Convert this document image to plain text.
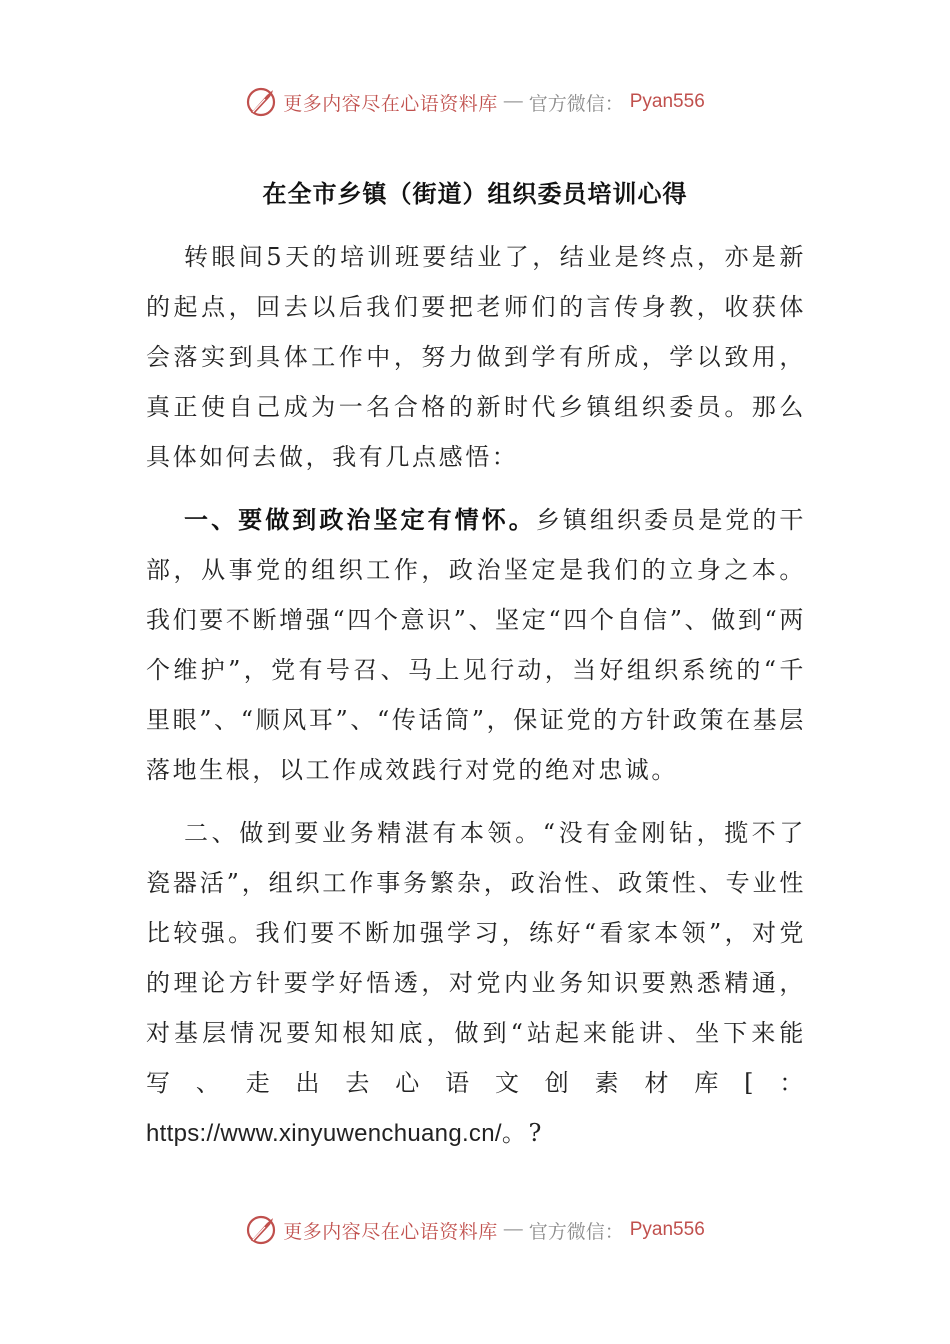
更多内容尽在心语资料库 — 官方微信： Pyan556
在全市乡镇（街道）组织委员培训心得

转眼间5天的培训班要结业了，结业是终点，亦是新的起点，回去以后我们要把老师们的言传身教，收获体会落实到具体工作中，努力做到学有所成，学以致用，真正使自己成为一名合格的新时代乡镇组织委员。那么具体如何去做，我有几点感悟：

一、要做到政治坚定有情怀。乡镇组织委员是党的干部，从事党的组织工作，政治坚定是我们的立身之本。我们要不断增强“四个意识”、坚定“四个自信”、做到“两个维护”，党有号召、马上见行动，当好组织系统的“千里眼”、“顺风耳”、“传话筒”，保证党的方针政策在基层落地生根，以工作成效践行对党的绝对忠诚。

二、做到要业务精湛有本领。“没有金刚钻，揽不了瓷器活”，组织工作事务繁杂，政治性、政策性、专业性比较强。我们要不断加强学习，练好“看家本领”，对党的理论方针要学好悟透，对党内业务知识要熟悉精通，对基层情况要知根知底，做到“站起来能讲、坐下来能写、走出去心语文创素材库[：https://www.xinyuwenchuang.cn/。?

更多内容尽在心语资料库 — 官方微信： Pyan556
